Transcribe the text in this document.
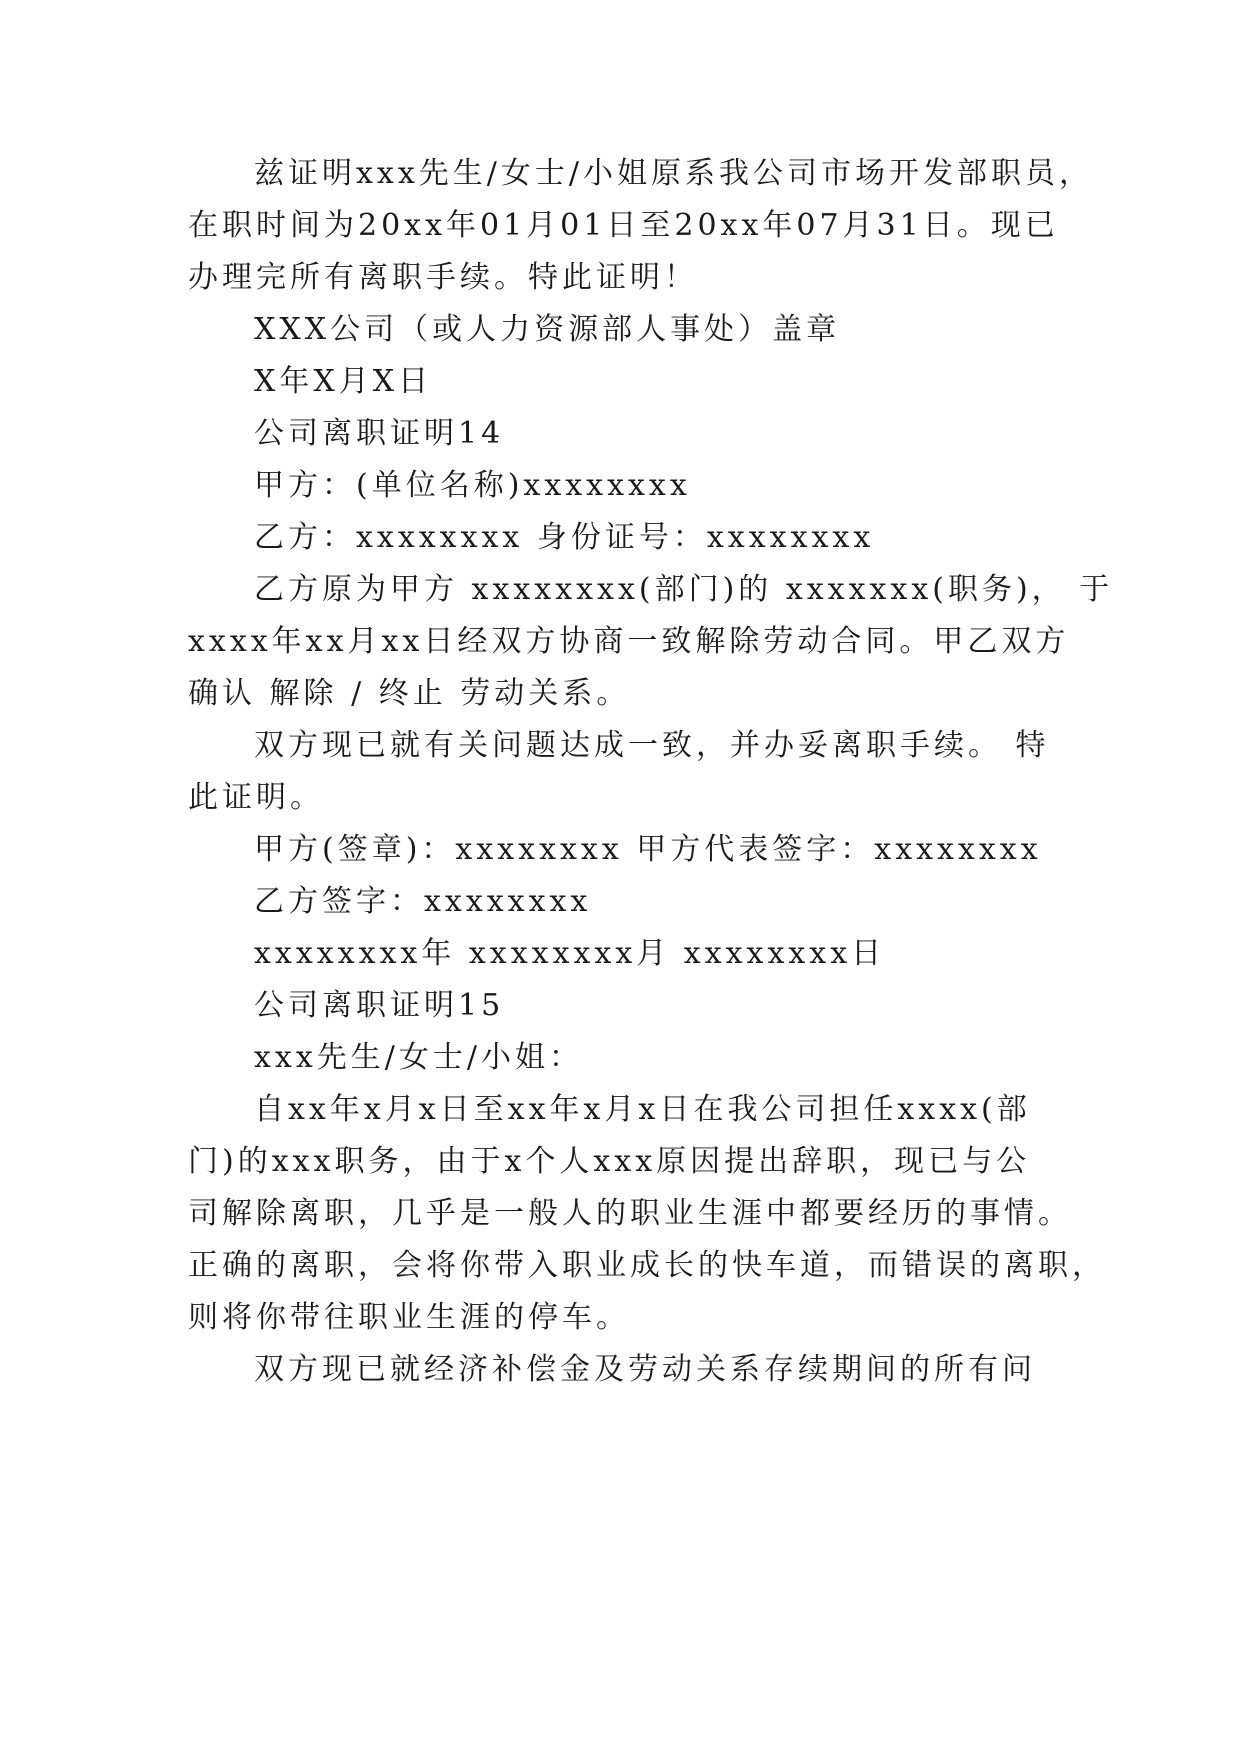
兹证明xxx先生/女士/小姐原系我公司市场开发部职员，
在职时间为20xx年01月01日至20xx年07月31日。现已
办理完所有离职手续。特此证明！
XXX公司（或人力资源部人事处）盖章
X年X月X日
公司离职证明14
甲方：(单位名称)xxxxxxxx
乙方：xxxxxxxx 身份证号：xxxxxxxx
乙方原为甲方 xxxxxxxx(部门)的 xxxxxxx(职务)， 于
xxxx年xx月xx日经双方协商一致解除劳动合同。甲乙双方
确认 解除 / 终止 劳动关系。
双方现已就有关问题达成一致，并办妥离职手续。 特
此证明。
甲方(签章)：xxxxxxxx 甲方代表签字：xxxxxxxx
乙方签字：xxxxxxxx
xxxxxxxx年 xxxxxxxx月 xxxxxxxx日
公司离职证明15
xxx先生/女士/小姐：
自xx年x月x日至xx年x月x日在我公司担任xxxx(部
门)的xxx职务，由于x个人xxx原因提出辞职，现已与公
司解除离职，几乎是一般人的职业生涯中都要经历的事情。
正确的离职，会将你带入职业成长的快车道，而错误的离职，
则将你带往职业生涯的停车。
双方现已就经济补偿金及劳动关系存续期间的所有问
